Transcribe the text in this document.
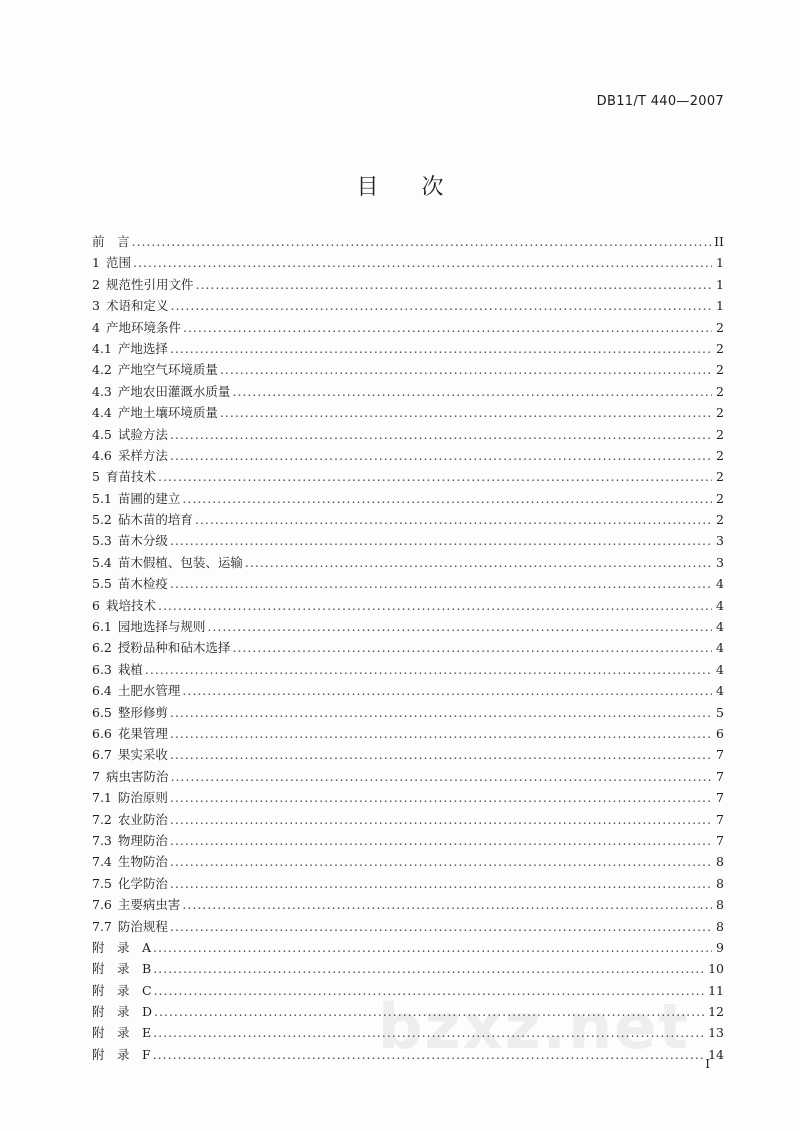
DB11/T 440—2007
目 次
前　言 .....	II
1 范围 .....	1
2 规范性引用文件 .....	1
3 术语和定义 .....	1
4 产地环境条件 .....	2
4.1 产地选择 .....	2
4.2 产地空气环境质量 .....	2
4.3 产地农田灌溉水质量 .....	2
4.4 产地土壤环境质量 .....	2
4.5 试验方法 .....	2
4.6 采样方法 .....	2
5 育苗技术 .....	2
5.1 苗圃的建立 .....	2
5.2 砧木苗的培育 .....	2
5.3 苗木分级 .....	3
5.4 苗木假植、包装、运输 .....	3
5.5 苗木检疫 .....	4
6 栽培技术 .....	4
6.1 园地选择与规则 .....	4
6.2 授粉品种和砧木选择 .....	4
6.3 栽植 .....	4
6.4 土肥水管理 .....	4
6.5 整形修剪 .....	5
6.6 花果管理 .....	6
6.7 果实采收 .....	7
7 病虫害防治 .....	7
7.1 防治原则 .....	7
7.2 农业防治 .....	7
7.3 物理防治 .....	7
7.4 生物防治 .....	8
7.5 化学防治 .....	8
7.6 主要病虫害 .....	8
7.7 防治规程 .....	8
附　录　A .....	9
附　录　B .....	10
附　录　C .....	11
附　录　D .....	12
附　录　E .....	13
附　录　F .....	14
bzxz.net
I
